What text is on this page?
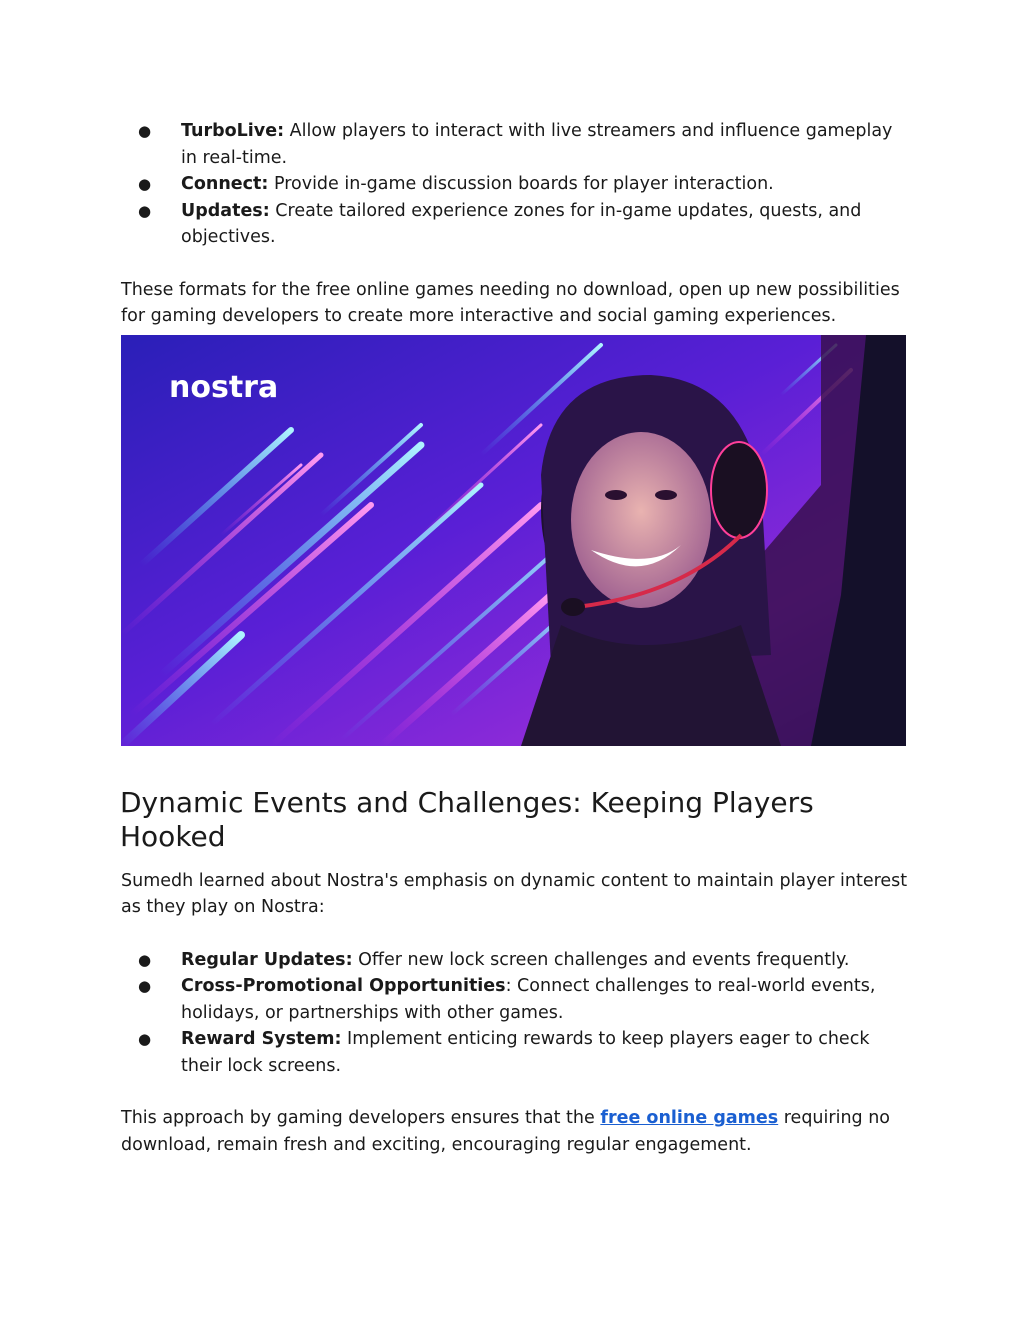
● TurboLive: Allow players to interact with live streamers and influence gameplay in real-time.
● Connect: Provide in-game discussion boards for player interaction.
● Updates: Create tailored experience zones for in-game updates, quests, and objectives.

These formats for the free online games needing no download, open up new possibilities for gaming developers to create more interactive and social gaming experiences.

nostra
Dynamic Events and Challenges: Keeping Players Hooked

Sumedh learned about Nostra's emphasis on dynamic content to maintain player interest as they play on Nostra:

● Regular Updates: Offer new lock screen challenges and events frequently.
● Cross-Promotional Opportunities: Connect challenges to real-world events, holidays, or partnerships with other games.
● Reward System: Implement enticing rewards to keep players eager to check their lock screens.

This approach by gaming developers ensures that the free online games requiring no download, remain fresh and exciting, encouraging regular engagement.
